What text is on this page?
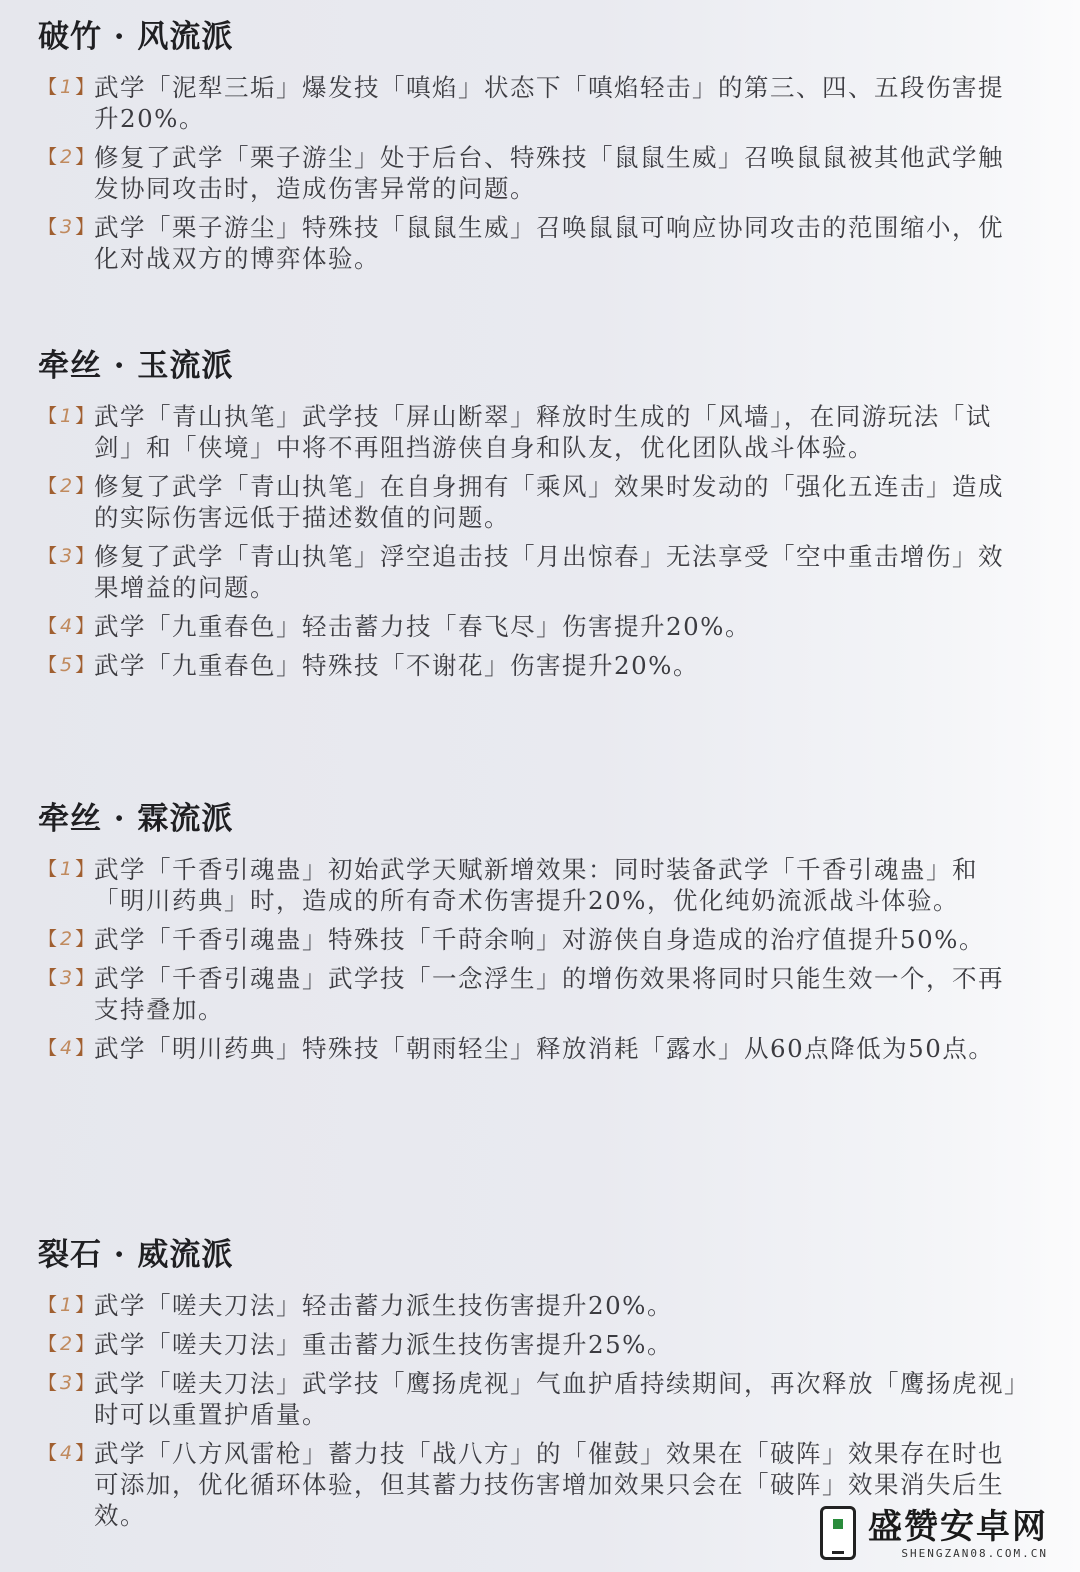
破竹 · 风流派
【 1 】
武学「泥犁三垢」爆发技「嗔焰」状态下「嗔焰轻击」的第三、四、五段伤害提升20%。
【 2 】
修复了武学「栗子游尘」处于后台、特殊技「鼠鼠生威」召唤鼠鼠被其他武学触发协同攻击时，造成伤害异常的问题。
【 3 】
武学「栗子游尘」特殊技「鼠鼠生威」召唤鼠鼠可响应协同攻击的范围缩小，优化对战双方的博弈体验。
牵丝 · 玉流派
【 1 】
武学「青山执笔」武学技「屏山断翠」释放时生成的「风墙」，在同游玩法「试剑」和「侠境」中将不再阻挡游侠自身和队友，优化团队战斗体验。
【 2 】
修复了武学「青山执笔」在自身拥有「乘风」效果时发动的「强化五连击」造成的实际伤害远低于描述数值的问题。
【 3 】
修复了武学「青山执笔」浮空追击技「月出惊春」无法享受「空中重击增伤」效果增益的问题。
【 4 】
武学「九重春色」轻击蓄力技「春飞尽」伤害提升20%。
【 5 】
武学「九重春色」特殊技「不谢花」伤害提升20%。
牵丝 · 霖流派
【 1 】
武学「千香引魂蛊」初始武学天赋新增效果：同时装备武学「千香引魂蛊」和「明川药典」时，造成的所有奇术伤害提升20%，优化纯奶流派战斗体验。
【 2 】
武学「千香引魂蛊」特殊技「千莳余响」对游侠自身造成的治疗值提升50%。
【 3 】
武学「千香引魂蛊」武学技「一念浮生」的增伤效果将同时只能生效一个，不再支持叠加。
【 4 】
武学「明川药典」特殊技「朝雨轻尘」释放消耗「露水」从60点降低为50点。
裂石 · 威流派
【 1 】
武学「嗟夫刀法」轻击蓄力派生技伤害提升20%。
【 2 】
武学「嗟夫刀法」重击蓄力派生技伤害提升25%。
【 3 】
武学「嗟夫刀法」武学技「鹰扬虎视」气血护盾持续期间，再次释放「鹰扬虎视」时可以重置护盾量。
【 4 】
武学「八方风雷枪」蓄力技「战八方」的「催鼓」效果在「破阵」效果存在时也可添加，优化循环体验，但其蓄力技伤害增加效果只会在「破阵」效果消失后生效。	盛赞安卓网
SHENGZAN08.COM.CN
